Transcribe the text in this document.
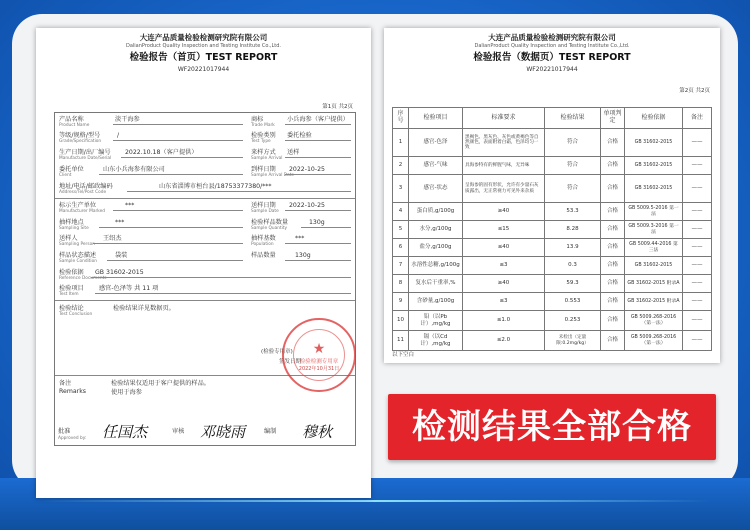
大连产品质量检验检测研究院有限公司
DalianProduct Quality Inspection and Testing Institute Co.,Ltd.
检验报告（首页）TEST REPORT
WF20221017944
第1页 共2页
产品名称
Product Name
淡干海参	商标
Trade Mark
小兵海参（客户提供）
等级/规格/型号
Grade/Specification
/	检验类别
Test Type
委托检验
生产日期/出厂编号
Manufacture Date/Serial
2022.10.18（客户提供）	来样方式
Sample Arrival
送样
委托单位
Client
山东小兵海参有限公司	到样日期
Sample Arrival Date
2022-10-25
地址/电话/邮政编码
Address/Tel/Post Code
山东省淄博市桓台县/18753377380/***
标示生产单位
Manufacturer Marked
***	送样日期
Sample Date
2022-10-25
抽样地点
Sampling Site
***	检验样品数量
Sample Quantity
130g
送样人
Sampling Person
王绍杰	抽样基数
Population
***
样品状态描述
Sample Condition
袋装	样品数量	130g
检验依据
Reference Documents
GB 31602-2015
检验项目
Test Item
感官-色泽等 共 11 项
检验结论
Test Conclusion
检验结果详见数据页。
(检验专用章)
签发日期
备注
Remarks
检验结果仅适用于客户提供的样品。
使用于海参
★
检验检测专用章
2022年10月31日
批准
Approved by: 任国杰	审核 邓晓雨	编制 穆秋
大连产品质量检验检测研究院有限公司
DalianProduct Quality Inspection and Testing Institute Co.,Ltd.
检验报告（数据页）TEST REPORT
WF20221017944
第2页 共2页
序号	检验项目	标准要求	检验结果	单项判定	检验依据	备注
1	感官-色泽	黑褐色、黑灰色、灰色或黄褐色等自然颜色，表面附着白霜，色泽均匀一致	符合	合格	GB 31602-2015	——
2	感官-气味	具海参特有的鲜腥气味，无异味	符合	合格	GB 31602-2015	——
3	感官-状态	呈海参的固有形状，允许有少量石灰质露出，无正常视力可见外来杂质	符合	合格	GB 31602-2015	——
4	蛋白质,g/100g	≥40	53.3	合格	GB 5009.5-2016 第一法	——
5	水分,g/100g	≤15	8.28	合格	GB 5009.3-2016 第一法	——
6	盐分,g/100g	≤40	13.9	合格	GB 5009.44-2016 第三法	——
7	水溶性总糖,g/100g	≤3	0.3	合格	GB 31602-2015	——
8	复水后干重率,%	≥40	59.3	合格	GB 31602-2015 附录A	——
9	含砂量,g/100g	≤3	0.553	合格	GB 31602-2015 附录A	——
10	铅（以Pb计）,mg/kg	≤1.0	0.253	合格	GB 5009.268-2016 （第一法）	——
11	镉（以Cd计）,mg/kg	≤2.0	未检出（定量限:0.2mg/kg）	合格	GB 5009.268-2016 （第一法）	——
以下空白
检测结果全部合格
